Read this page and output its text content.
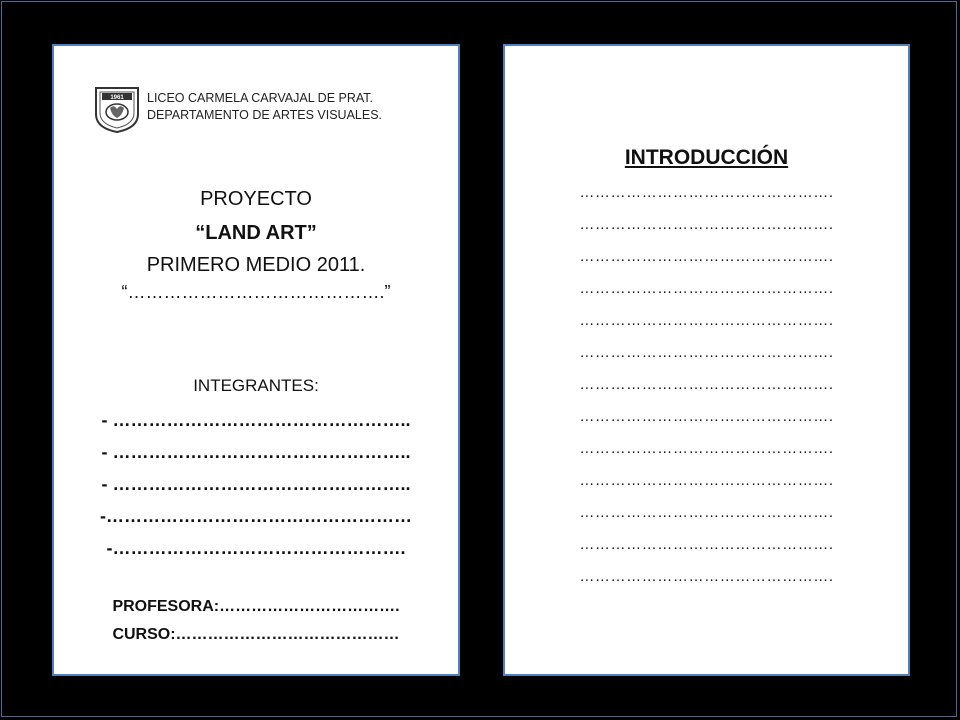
1961 LICEO CARMELA CARVAJAL DE PRAT.
DEPARTAMENTO DE ARTES VISUALES.
PROYECTO
“LAND ART”
PRIMERO MEDIO 2011.
“…………………………………….”
INTEGRANTES:
- …………………………………………..
- …………………………………………..
- …………………………………………..
-……………………………………………
-………………………………………….
PROFESORA:…………………………….
CURSO:……………………………………
INTRODUCCIÓN
………………………………………….
………………………………………….
………………………………………….
………………………………………….
………………………………………….
………………………………………….
………………………………………….
………………………………………….
………………………………………….
………………………………………….
………………………………………….
………………………………………….
………………………………………….
